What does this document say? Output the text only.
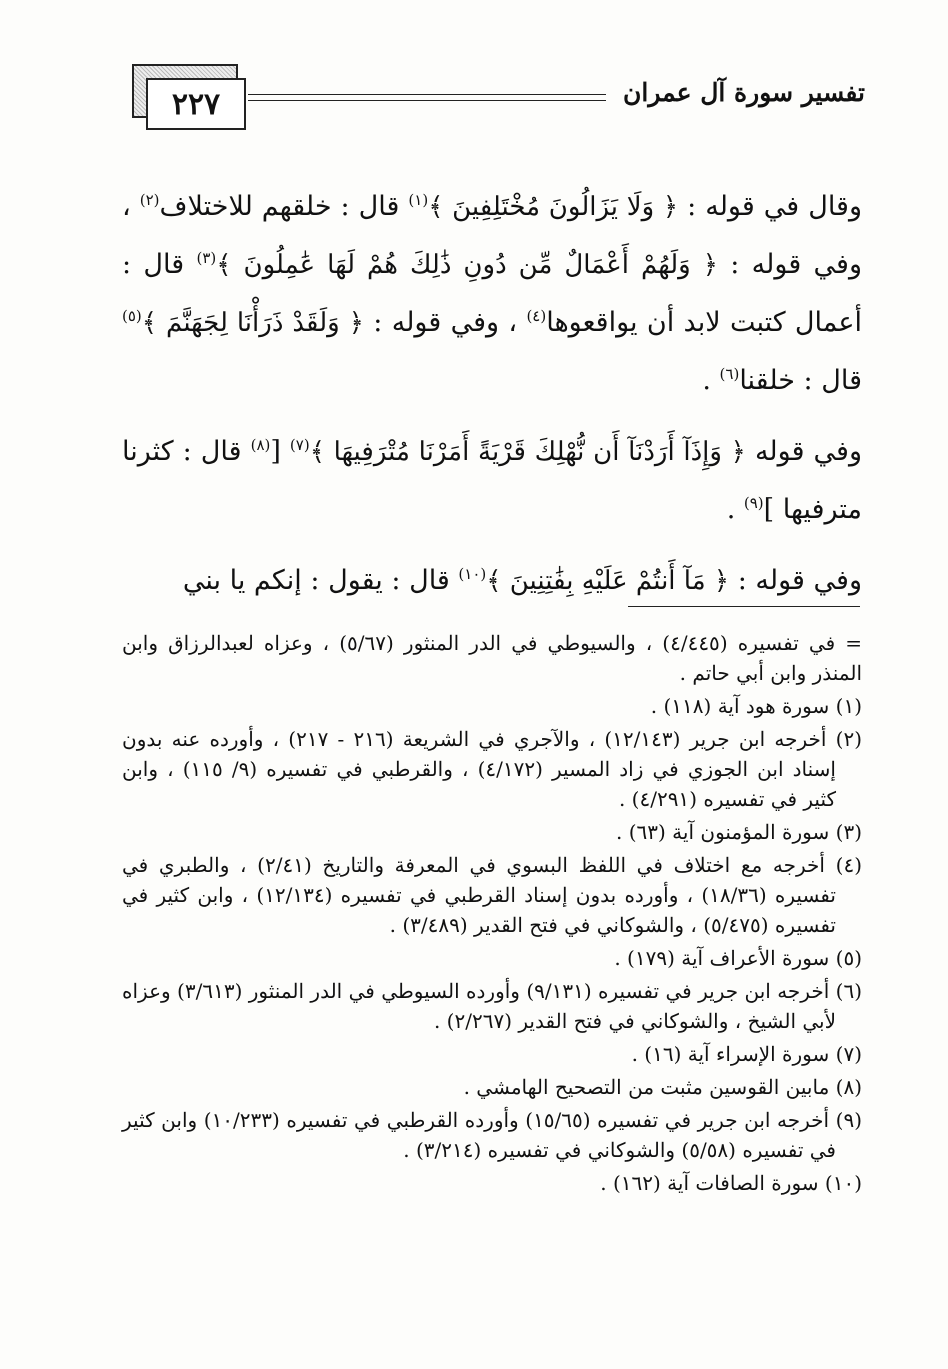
٢٢٧	تفسير سورة آل عمران

وقال في قوله : ﴿ وَلَا يَزَالُونَ مُخْتَلِفِينَ ﴾$^{(١)}$ قال : خلقهم للاختلاف$^{(٢)}$ ، وفي قوله : ﴿ وَلَهُمْ أَعْمَالٌ مِّن دُونِ ذَٰلِكَ هُمْ لَهَا عَٰمِلُونَ ﴾$^{(٣)}$ قال : أعمال كتبت لابد أن يواقعوها$^{(٤)}$ ، وفي قوله : ﴿ وَلَقَدْ ذَرَأْنَا لِجَهَنَّمَ ﴾$^{(٥)}$ قال : خلقنا$^{(٦)}$ .

وفي قوله ﴿ وَإِذَآ أَرَدْنَآ أَن نُّهْلِكَ قَرْيَةً أَمَرْنَا مُتْرَفِيهَا ﴾$^{(٧)}$ [$^{(٨)}$ قال : كثرنا مترفيها ]$^{(٩)}$ .

وفي قوله : ﴿ مَآ أَنتُمْ عَلَيْهِ بِفَٰتِنِينَ ﴾$^{(١٠)}$ قال : يقول : إنكم يا بني

= في تفسيره (٤/٤٤٥) ، والسيوطي في الدر المنثور (٥/٦٧) ، وعزاه لعبدالرزاق وابن المنذر وابن أبي حاتم .

(١) سورة هود آية (١١٨) .

(٢) أخرجه ابن جرير (١٢/١٤٣) ، والآجري في الشريعة (٢١٦ - ٢١٧) ، وأورده عنه بدون إسناد ابن الجوزي في زاد المسير (٤/١٧٢) ، والقرطبي في تفسيره (٩/ ١١٥) ، وابن كثير في تفسيره (٤/٢٩١) .

(٣) سورة المؤمنون آية (٦٣) .

(٤) أخرجه مع اختلاف في اللفظ البسوي في المعرفة والتاريخ (٢/٤١) ، والطبري في تفسيره (١٨/٣٦) ، وأورده بدون إسناد القرطبي في تفسيره (١٢/١٣٤) ، وابن كثير في تفسيره (٥/٤٧٥) ، والشوكاني في فتح القدير (٣/٤٨٩) .

(٥) سورة الأعراف آية (١٧٩) .

(٦) أخرجه ابن جرير في تفسيره (٩/١٣١) وأورده السيوطي في الدر المنثور (٣/٦١٣) وعزاه لأبي الشيخ ، والشوكاني في فتح القدير (٢/٢٦٧) .

(٧) سورة الإسراء آية (١٦) .

(٨) مابين القوسين مثبت من التصحيح الهامشي .

(٩) أخرجه ابن جرير في تفسيره (١٥/٦٥) وأورده القرطبي في تفسيره (١٠/٢٣٣) وابن كثير في تفسيره (٥/٥٨) والشوكاني في تفسيره (٣/٢١٤) .

(١٠) سورة الصافات آية (١٦٢) .
